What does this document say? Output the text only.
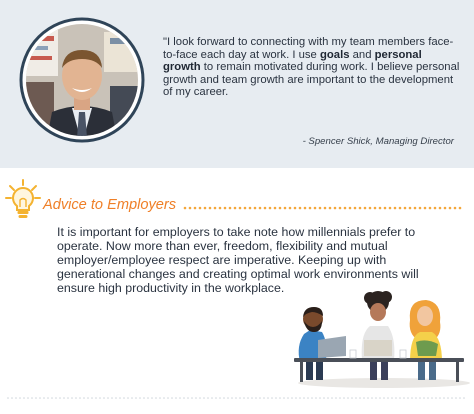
"I look forward to connecting with my team members face-to-face each day at work. I use goals and personal growth to remain motivated during work. I believe personal growth and team growth are important to the development of my career.
- Spencer Shick, Managing Director
Advice to Employers
It is important for employers to take note how millennials prefer to operate. Now more than ever, freedom, flexibility and mutual employer/employee respect are imperative. Keeping up with generational changes and creating optimal work environments will ensure high productivity in the workplace.
